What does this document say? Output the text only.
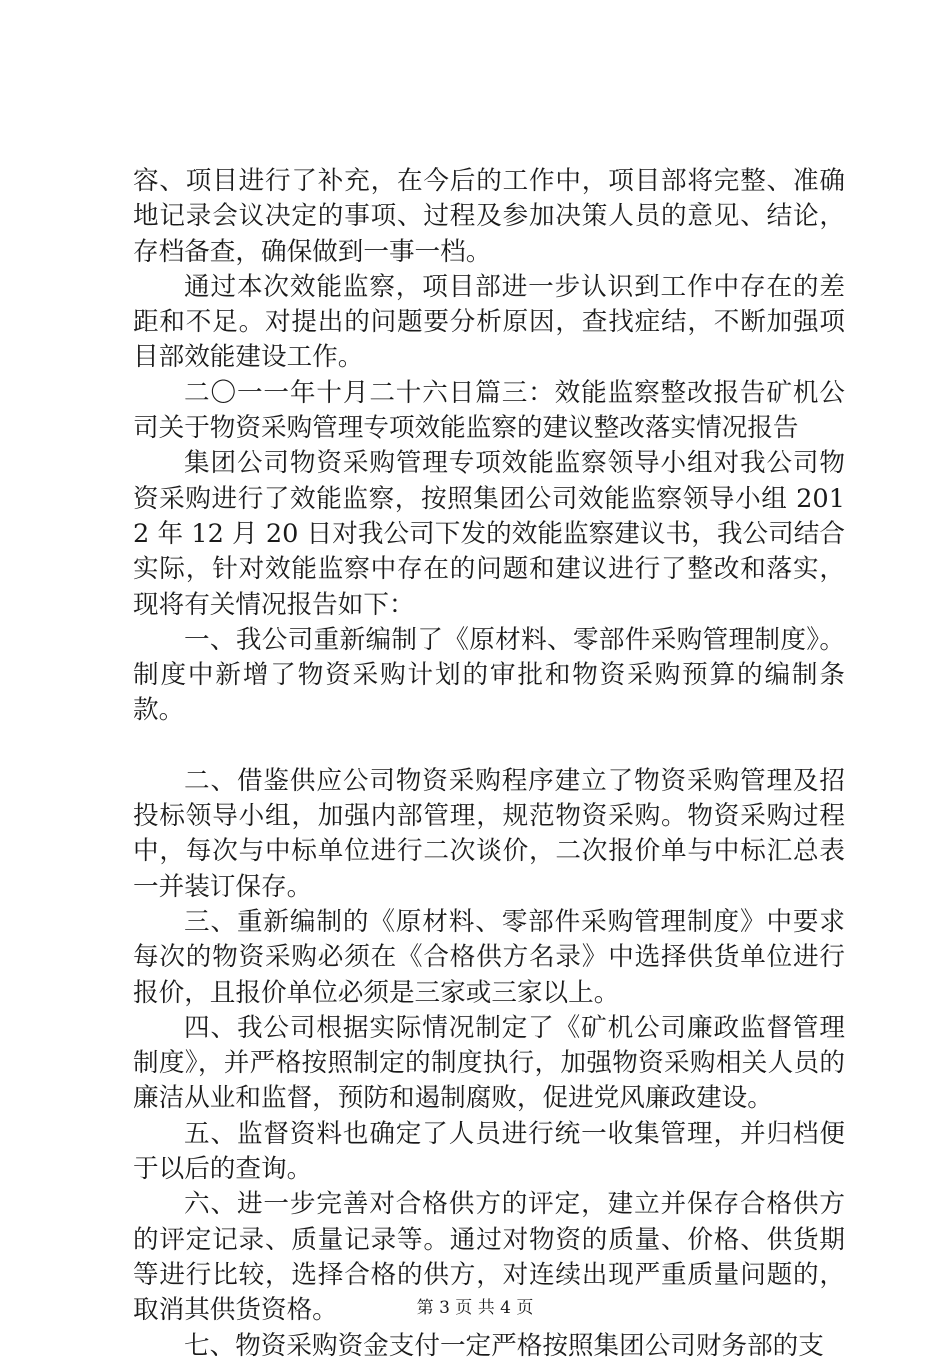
容、项目进行了补充，在今后的工作中，项目部将完整、准确地记录会议决定的事项、过程及参加决策人员的意见、结论，存档备查，确保做到一事一档。

通过本次效能监察，项目部进一步认识到工作中存在的差距和不足。对提出的问题要分析原因，查找症结，不断加强项目部效能建设工作。

二〇一一年十月二十六日篇三：效能监察整改报告矿机公司关于物资采购管理专项效能监察的建议整改落实情况报告

集团公司物资采购管理专项效能监察领导小组对我公司物资采购进行了效能监察，按照集团公司效能监察领导小组 2012 年 12 月 20 日对我公司下发的效能监察建议书，我公司结合实际，针对效能监察中存在的问题和建议进行了整改和落实，现将有关情况报告如下：

一、我公司重新编制了《原材料、零部件采购管理制度》。制度中新增了物资采购计划的审批和物资采购预算的编制条款。

二、借鉴供应公司物资采购程序建立了物资采购管理及招投标领导小组，加强内部管理，规范物资采购。物资采购过程中，每次与中标单位进行二次谈价，二次报价单与中标汇总表一并装订保存。

三、重新编制的《原材料、零部件采购管理制度》中要求每次的物资采购必须在《合格供方名录》中选择供货单位进行报价，且报价单位必须是三家或三家以上。

四、我公司根据实际情况制定了《矿机公司廉政监督管理制度》，并严格按照制定的制度执行，加强物资采购相关人员的廉洁从业和监督，预防和遏制腐败，促进党风廉政建设。

五、监督资料也确定了人员进行统一收集管理，并归档便于以后的查询。

六、进一步完善对合格供方的评定，建立并保存合格供方的评定记录、质量记录等。通过对物资的质量、价格、供货期等进行比较，选择合格的供方，对连续出现严重质量问题的，取消其供货资格。

七、物资采购资金支付一定严格按照集团公司财务部的支

第 3 页 共 4 页
